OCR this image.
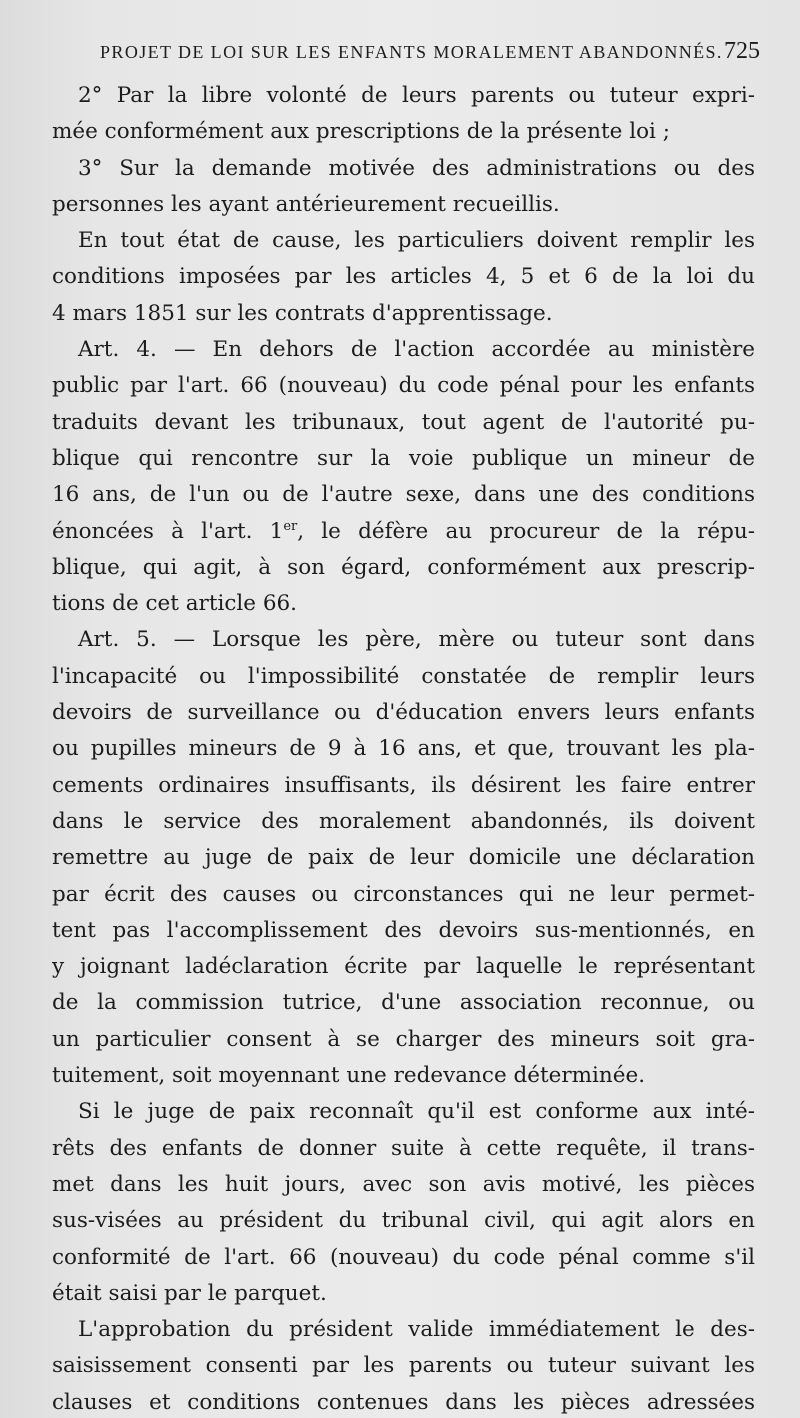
PROJET DE LOI SUR LES ENFANTS MORALEMENT ABANDONNÉS. 725
2° Par la libre volonté de leurs parents ou tuteur expri-
mée conformément aux prescriptions de la présente loi ;
3° Sur la demande motivée des administrations ou des
personnes les ayant antérieurement recueillis.
En tout état de cause, les particuliers doivent remplir les
conditions imposées par les articles 4, 5 et 6 de la loi du
4 mars 1851 sur les contrats d'apprentissage.
Art. 4. — En dehors de l'action accordée au ministère
public par l'art. 66 (nouveau) du code pénal pour les enfants
traduits devant les tribunaux, tout agent de l'autorité pu-
blique qui rencontre sur la voie publique un mineur de
16 ans, de l'un ou de l'autre sexe, dans une des conditions
énoncées à l'art. 1er, le défère au procureur de la répu-
blique, qui agit, à son égard, conformément aux prescrip-
tions de cet article 66.
Art. 5. — Lorsque les père, mère ou tuteur sont dans
l'incapacité ou l'impossibilité constatée de remplir leurs
devoirs de surveillance ou d'éducation envers leurs enfants
ou pupilles mineurs de 9 à 16 ans, et que, trouvant les pla-
cements ordinaires insuffisants, ils désirent les faire entrer
dans le service des moralement abandonnés, ils doivent
remettre au juge de paix de leur domicile une déclaration
par écrit des causes ou circonstances qui ne leur permet-
tent pas l'accomplissement des devoirs sus-mentionnés, en
y joignant ladéclaration écrite par laquelle le représentant
de la commission tutrice, d'une association reconnue, ou
un particulier consent à se charger des mineurs soit gra-
tuitement, soit moyennant une redevance déterminée.
Si le juge de paix reconnaît qu'il est conforme aux inté-
rêts des enfants de donner suite à cette requête, il trans-
met dans les huit jours, avec son avis motivé, les pièces
sus-visées au président du tribunal civil, qui agit alors en
conformité de l'art. 66 (nouveau) du code pénal comme s'il
était saisi par le parquet.
L'approbation du président valide immédiatement le des-
saisissement consenti par les parents ou tuteur suivant les
clauses et conditions contenues dans les pièces adressées
